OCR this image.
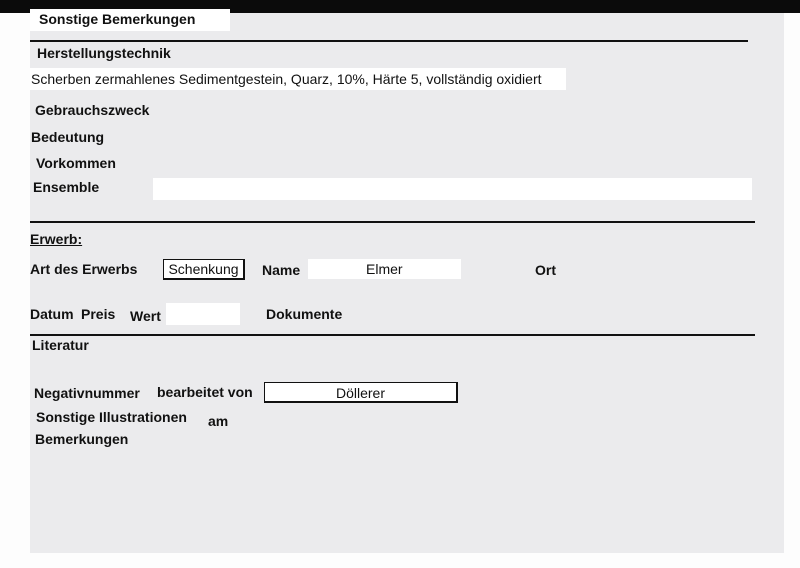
Sonstige Bemerkungen
Herstellungstechnik
Scherben zermahlenes Sedimentgestein, Quarz, 10%, Härte 5, vollständig oxidiert
Gebrauchszweck
Bedeutung
Vorkommen
Ensemble
Erwerb:
Art des Erwerbs	Schenkung	Name	Elmer	Ort
Datum Preis Wert	Dokumente
Literatur
Negativnummer bearbeitet von	Döllerer
Sonstige Illustrationen am
Bemerkungen
